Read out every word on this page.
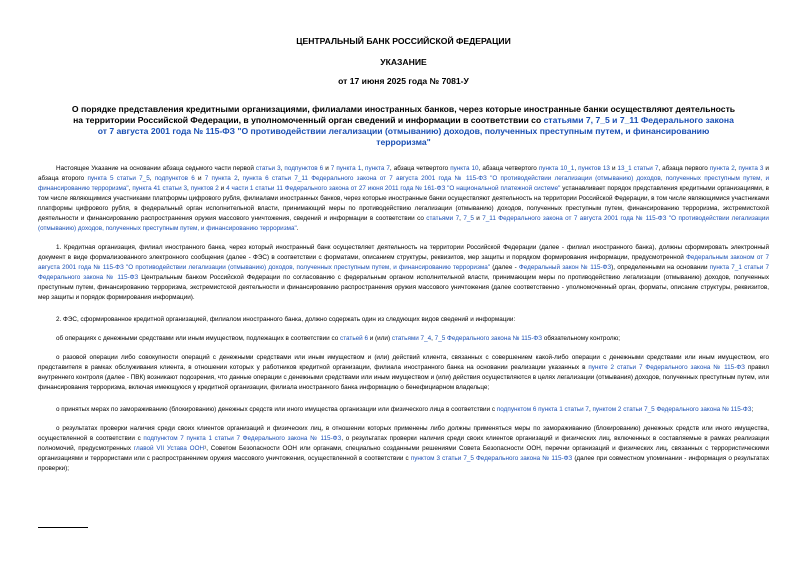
ЦЕНТРАЛЬНЫЙ БАНК РОССИЙСКОЙ ФЕДЕРАЦИИ
УКАЗАНИЕ
от 17 июня 2025 года № 7081-У
О порядке представления кредитными организациями, филиалами иностранных банков, через которые иностранные банки осуществляют деятельность на территории Российской Федерации, в уполномоченный орган сведений и информации в соответствии со статьями 7, 7_5 и 7_11 Федерального закона от 7 августа 2001 года № 115-ФЗ "О противодействии легализации (отмыванию) доходов, полученных преступным путем, и финансированию терроризма"

Настоящее Указание на основании абзаца седьмого части первой статьи 3, подпунктов 6 и 7 пункта 1, пункта 7, абзаца четвертого пункта 10, абзаца четвертого пункта 10_1, пунктов 13 и 13_1 статьи 7, абзаца первого пункта 2, пункта 3 и абзаца второго пункта 5 статьи 7_5, подпунктов 6 и 7 пункта 2, пункта 6 статьи 7_11 Федерального закона от 7 августа 2001 года № 115-ФЗ "О противодействии легализации (отмыванию) доходов, полученных преступным путем, и финансированию терроризма", пункта 41 статьи 3, пунктов 2 и 4 части 1 статьи 11 Федерального закона от 27 июня 2011 года № 161-ФЗ "О национальной платежной системе" устанавливает порядок представления кредитными организациями, в том числе являющимися участниками платформы цифрового рубля, филиалами иностранных банков, через которые иностранные банки осуществляют деятельность на территории Российской Федерации, в том числе являющимися участниками платформы цифрового рубля, в федеральный орган исполнительной власти, принимающий меры по противодействию легализации (отмыванию) доходов, полученных преступным путем, финансированию терроризма, экстремистской деятельности и финансированию распространения оружия массового уничтожения, сведений и информации в соответствии со статьями 7, 7_5 и 7_11 Федерального закона от 7 августа 2001 года № 115-ФЗ "О противодействии легализации (отмыванию) доходов, полученных преступным путем, и финансированию терроризма".

1. Кредитная организация, филиал иностранного банка, через который иностранный банк осуществляет деятельность на территории Российской Федерации (далее - филиал иностранного банка), должны сформировать электронный документ в виде формализованного электронного сообщения (далее - ФЭС) в соответствии с форматами, описанием структуры, реквизитов, мер защиты и порядком формирования информации, предусмотренной Федеральным законом от 7 августа 2001 года № 115-ФЗ "О противодействии легализации (отмыванию) доходов, полученных преступным путем, и финансированию терроризма" (далее - Федеральный закон № 115-ФЗ), определенными на основании пункта 7_1 статьи 7 Федерального закона № 115-ФЗ Центральным банком Российской Федерации по согласованию с федеральным органом исполнительной власти, принимающим меры по противодействию легализации (отмыванию) доходов, полученных преступным путем, финансированию терроризма, экстремистской деятельности и финансированию распространения оружия массового уничтожения (далее соответственно - уполномоченный орган, форматы, описание структуры, реквизитов, мер защиты и порядок формирования информации).

2. ФЭС, сформированное кредитной организацией, филиалом иностранного банка, должно содержать один из следующих видов сведений и информации:

об операциях с денежными средствами или иным имуществом, подлежащих в соответствии со статьей 6 и (или) статьями 7_4, 7_5 Федерального закона № 115-ФЗ обязательному контролю;

о разовой операции либо совокупности операций с денежными средствами или иным имуществом и (или) действий клиента, связанных с совершением какой-либо операции с денежными средствами или иным имуществом, его представителя в рамках обслуживания клиента, в отношении которых у работников кредитной организации, филиала иностранного банка на основании реализации указанных в пункте 2 статьи 7 Федерального закона № 115-ФЗ правил внутреннего контроля (далее - ПВК) возникают подозрения, что данные операции с денежными средствами или иным имуществом и (или) действия осуществляются в целях легализации (отмывания) доходов, полученных преступным путем, или финансирования терроризма, включая имеющуюся у кредитной организации, филиала иностранного банка информацию о бенефициарном владельце;

о принятых мерах по замораживанию (блокированию) денежных средств или иного имущества организации или физического лица в соответствии с подпунктом 6 пункта 1 статьи 7, пунктом 2 статьи 7_5 Федерального закона № 115-ФЗ;

о результатах проверки наличия среди своих клиентов организаций и физических лиц, в отношении которых применены либо должны применяться меры по замораживанию (блокированию) денежных средств или иного имущества, осуществленной в соответствии с подпунктом 7 пункта 1 статьи 7 Федерального закона № 115-ФЗ, о результатах проверки наличия среди своих клиентов организаций и физических лиц, включенных в составляемые в рамках реализации полномочий, предусмотренных главой VII Устава ООН¹, Советом Безопасности ООН или органами, специально созданными решениями Совета Безопасности ООН, перечни организаций и физических лиц, связанных с террористическими организациями и террористами или с распространением оружия массового уничтожения, осуществленной в соответствии с пунктом 3 статьи 7_5 Федерального закона № 115-ФЗ (далее при совместном упоминании - информация о результатах проверки);
